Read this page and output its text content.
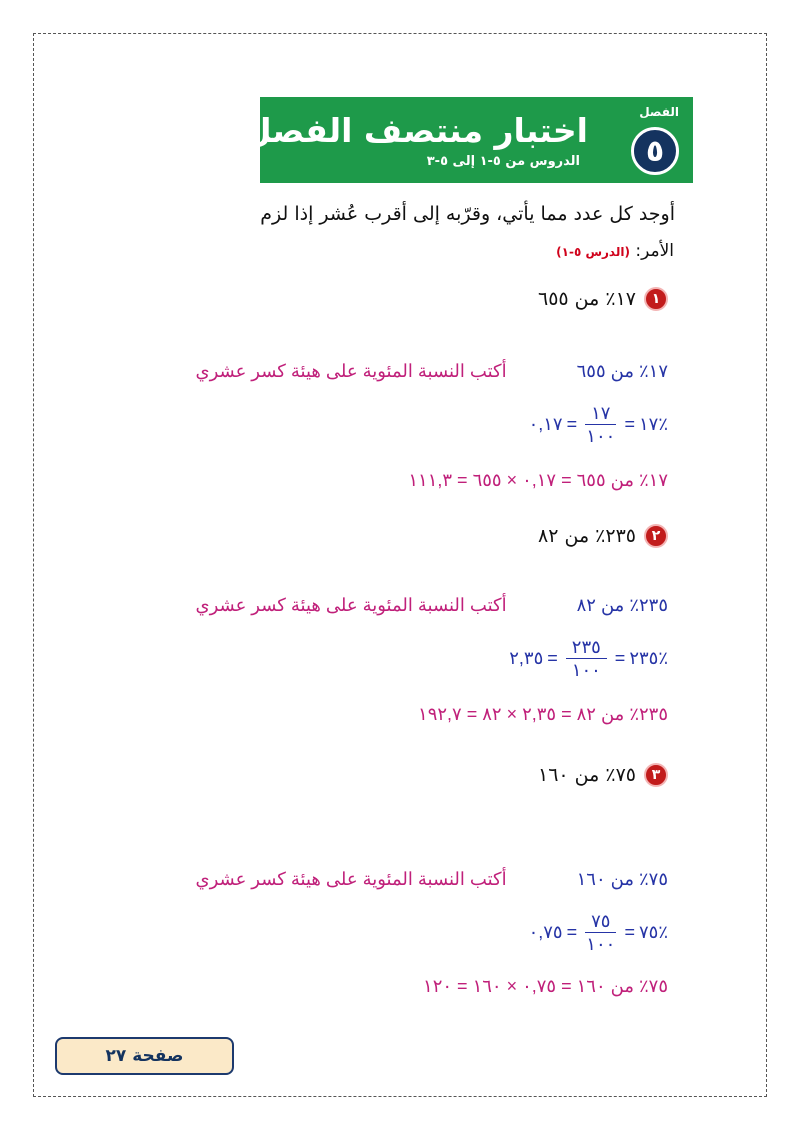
الفصل
٥
اختبار منتصف الفصل
الدروس من ٥-١ إلى ٥-٣
أوجد كل عدد مما يأتي، وقرّبه إلى أقرب عُشر إذا لزم
الأمر: (الدرس ٥-١)
١
١٧٪ من ٦٥٥
١٧٪ من ٦٥٥  أكتب النسبة المئوية على هيئة كسر عشري
٪١٧
=
$\frac{١٧}{١٠٠}$
=
٠,١٧
١٧٪ من ٦٥٥ = ٠,١٧ × ٦٥٥ = ١١١,٣
٢
٢٣٥٪ من ٨٢
٢٣٥٪ من ٨٢  أكتب النسبة المئوية على هيئة كسر عشري
٪٢٣٥
=
$\frac{٢٣٥}{١٠٠}$
=
٢,٣٥
٢٣٥٪ من ٨٢ = ٢,٣٥ × ٨٢ = ١٩٢,٧
٣
٧٥٪ من ١٦٠
٧٥٪ من ١٦٠  أكتب النسبة المئوية على هيئة كسر عشري
٪٧٥
=
$\frac{٧٥}{١٠٠}$
=
٠,٧٥
٧٥٪ من ١٦٠ = ٠,٧٥ × ١٦٠ = ١٢٠
صفحة ٢٧
